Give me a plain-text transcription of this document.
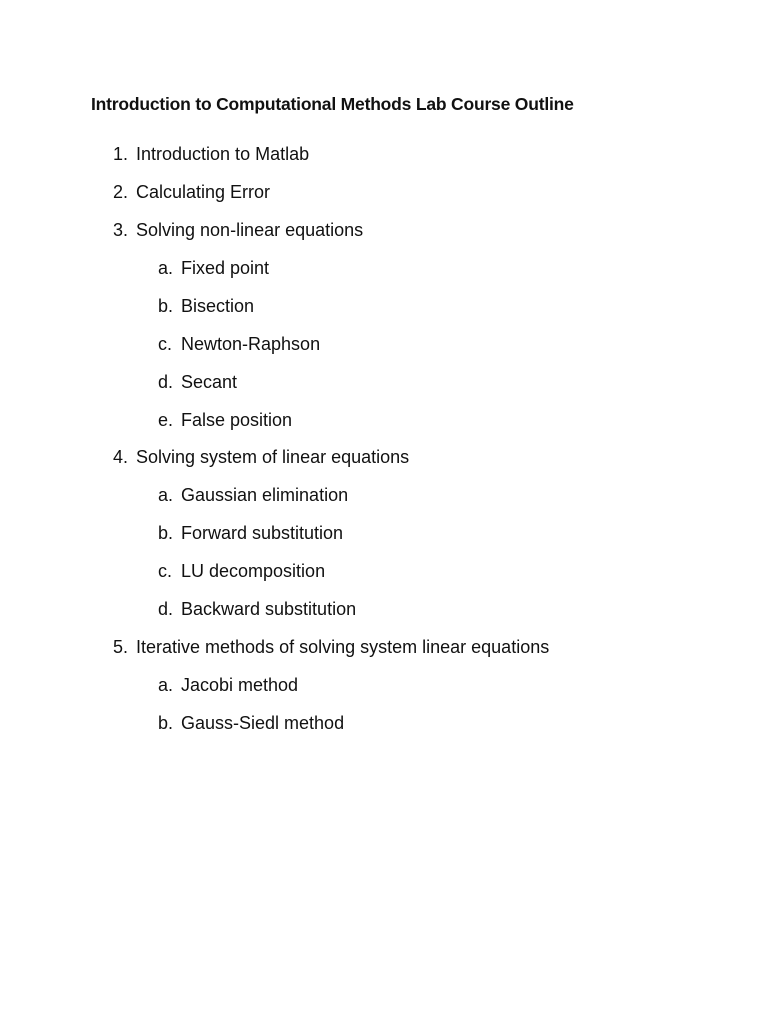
Introduction to Computational Methods Lab Course Outline
1. Introduction to Matlab
2. Calculating Error
3. Solving non-linear equations
a. Fixed point
b. Bisection
c. Newton-Raphson
d. Secant
e. False position
4. Solving system of linear equations
a. Gaussian elimination
b. Forward substitution
c. LU decomposition
d. Backward substitution
5. Iterative methods of solving system linear equations
a. Jacobi method
b. Gauss-Siedl method
